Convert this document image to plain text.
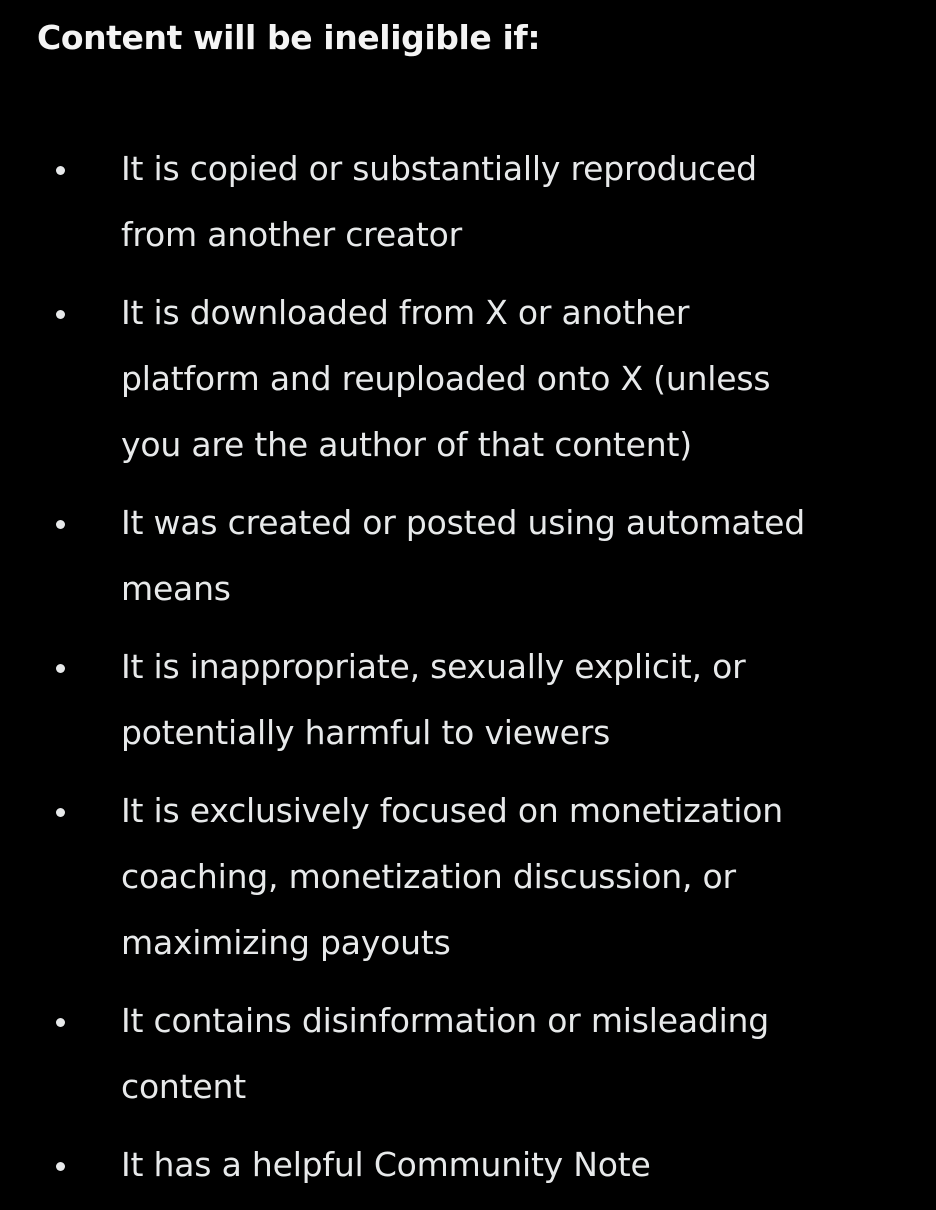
Content will be ineligible if:
It is copied or substantially reproduced
from another creator
It is downloaded from X or another
platform and reuploaded onto X (unless
you are the author of that content)
It was created or posted using automated
means
It is inappropriate, sexually explicit, or
potentially harmful to viewers
It is exclusively focused on monetization
coaching, monetization discussion, or
maximizing payouts
It contains disinformation or misleading
content
It has a helpful Community Note
